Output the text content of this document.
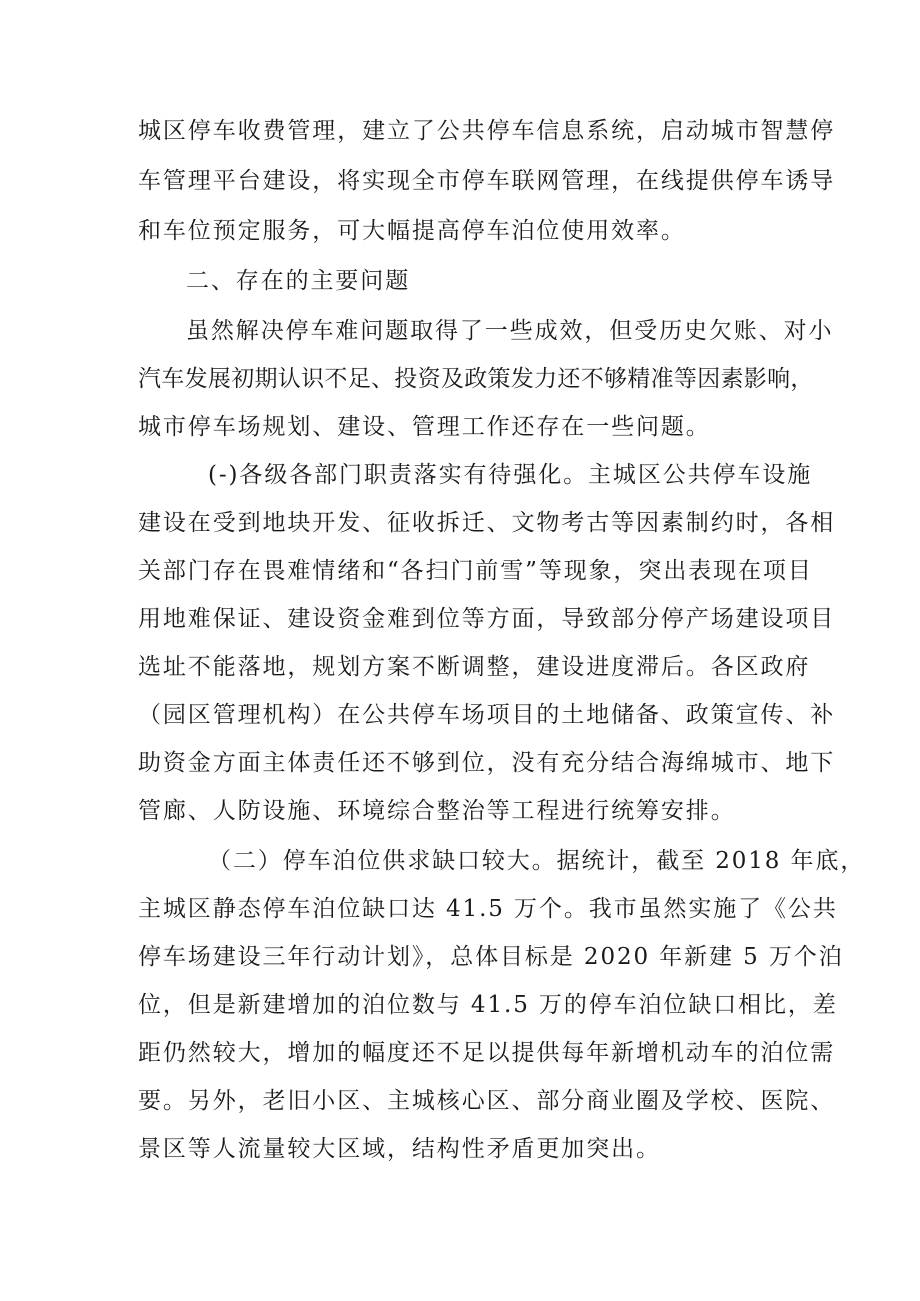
城区停车收费管理，建立了公共停车信息系统，启动城市智慧停
车管理平台建设，将实现全市停车联网管理，在线提供停车诱导
和车位预定服务，可大幅提高停车泊位使用效率。
二、存在的主要问题
虽然解决停车难问题取得了一些成效，但受历史欠账、对小
汽车发展初期认识不足、投资及政策发力还不够精准等因素影响，
城市停车场规划、建设、管理工作还存在一些问题。
(-)各级各部门职责落实有待强化。主城区公共停车设施
建设在受到地块开发、征收拆迁、文物考古等因素制约时，各相
关部门存在畏难情绪和“各扫门前雪”等现象，突出表现在项目
用地难保证、建设资金难到位等方面，导致部分停产场建设项目
选址不能落地，规划方案不断调整，建设进度滞后。各区政府
（园区管理机构）在公共停车场项目的土地储备、政策宣传、补
助资金方面主体责任还不够到位，没有充分结合海绵城市、地下
管廊、人防设施、环境综合整治等工程进行统筹安排。
（二）停车泊位供求缺口较大。据统计，截至 2018 年底，
主城区静态停车泊位缺口达 41.5 万个。我市虽然实施了《公共
停车场建设三年行动计划》，总体目标是 2020 年新建 5 万个泊
位，但是新建增加的泊位数与 41.5 万的停车泊位缺口相比，差
距仍然较大，增加的幅度还不足以提供每年新增机动车的泊位需
要。另外，老旧小区、主城核心区、部分商业圈及学校、医院、
景区等人流量较大区域，结构性矛盾更加突出。
